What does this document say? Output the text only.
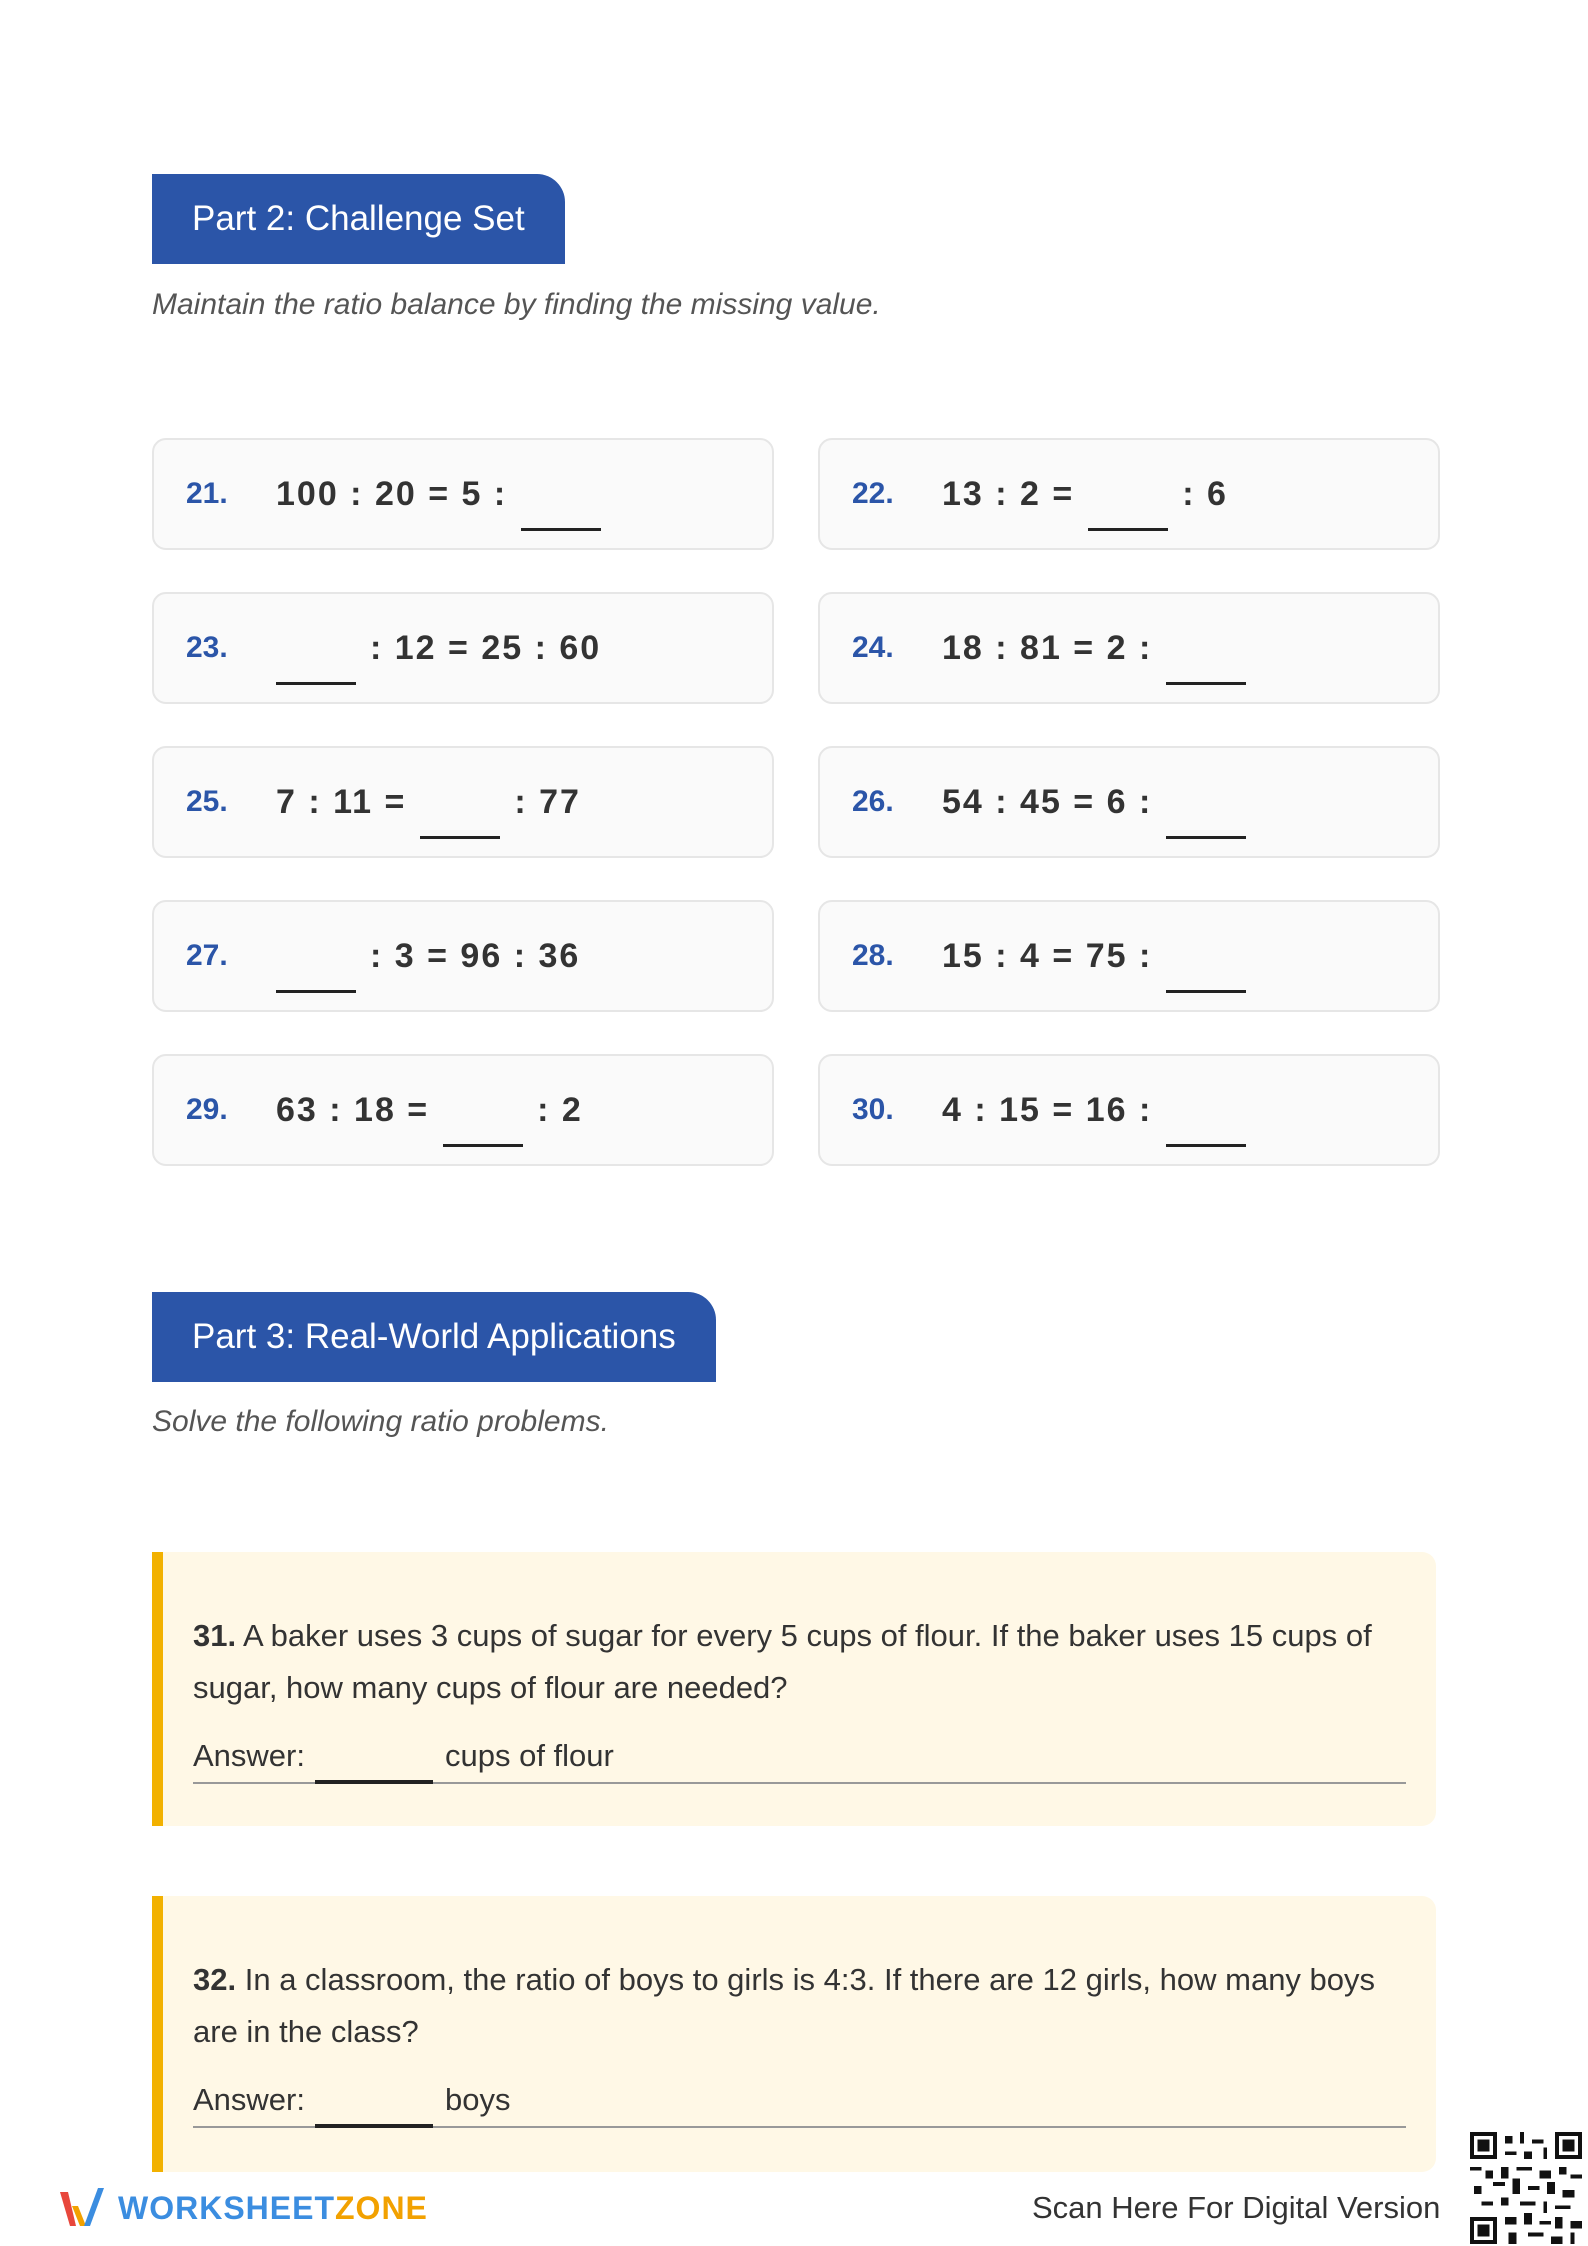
Part 2: Challenge Set
Maintain the ratio balance by finding the missing value.
21.	100 : 20 = 5 :	22.	13 : 2 =	: 6
23.	: 12 = 25 : 60	24.	18 : 81 = 2 :
25.	7 : 11 =	: 77	26.	54 : 45 = 6 :
27.	: 3 = 96 : 36	28.	15 : 4 = 75 :
29.	63 : 18 =	: 2	30.	4 : 15 = 16 :
Part 3: Real-World Applications
Solve the following ratio problems.
31. A baker uses 3 cups of sugar for every 5 cups of flour. If the baker uses 15 cups of sugar, how many cups of flour are needed?
Answer:	cups of flour
32. In a classroom, the ratio of boys to girls is 4:3. If there are 12 girls, how many boys are in the class?
Answer:	boys
WORKSHEETZONE	Scan Here For Digital Version
